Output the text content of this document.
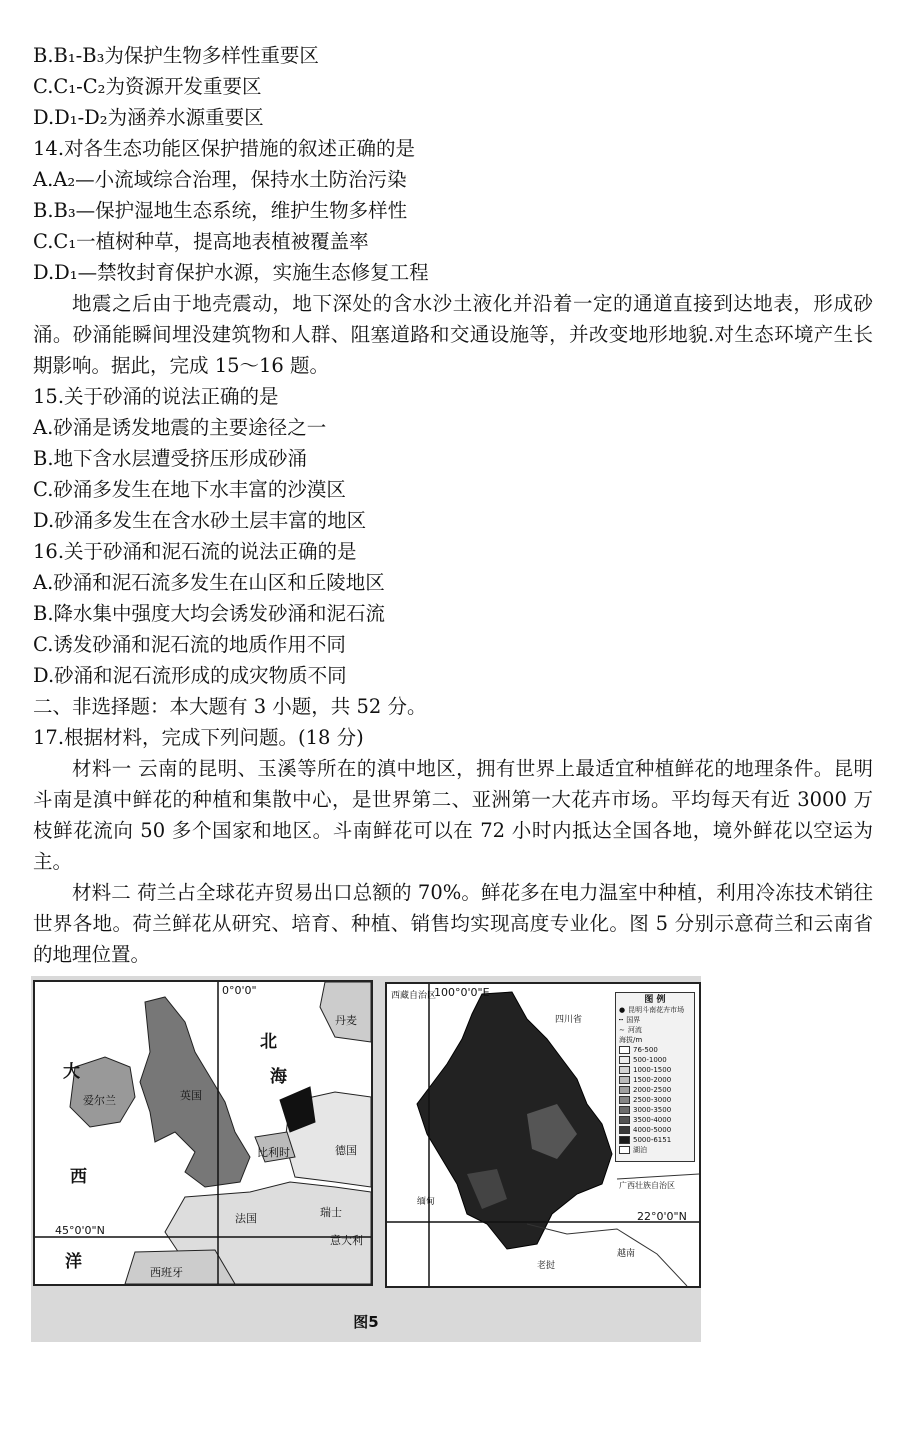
B.B₁-B₃为保护生物多样性重要区
C.C₁-C₂为资源开发重要区
D.D₁-D₂为涵养水源重要区
14.对各生态功能区保护措施的叙述正确的是
A.A₂—小流域综合治理，保持水土防治污染
B.B₃—保护湿地生态系统，维护生物多样性
C.C₁一植树种草，提高地表植被覆盖率
D.D₁—禁牧封育保护水源，实施生态修复工程
地震之后由于地壳震动，地下深处的含水沙土液化并沿着一定的通道直接到达地表，形成砂涌。砂涌能瞬间埋没建筑物和人群、阻塞道路和交通设施等，并改变地形地貌.对生态环境产生长期影响。据此，完成 15～16 题。
15.关于砂涌的说法正确的是
A.砂涌是诱发地震的主要途径之一
B.地下含水层遭受挤压形成砂涌
C.砂涌多发生在地下水丰富的沙漠区
D.砂涌多发生在含水砂土层丰富的地区
16.关于砂涌和泥石流的说法正确的是
A.砂涌和泥石流多发生在山区和丘陵地区
B.降水集中强度大均会诱发砂涌和泥石流
C.诱发砂涌和泥石流的地质作用不同
D.砂涌和泥石流形成的成灾物质不同
二、非选择题：本大题有 3 小题，共 52 分。
17.根据材料，完成下列问题。(18 分)
材料一 云南的昆明、玉溪等所在的滇中地区，拥有世界上最适宜种植鲜花的地理条件。昆明斗南是滇中鲜花的种植和集散中心，是世界第二、亚洲第一大花卉市场。平均每天有近 3000 万枝鲜花流向 50 多个国家和地区。斗南鲜花可以在 72 小时内抵达全国各地，境外鲜花以空运为主。
材料二 荷兰占全球花卉贸易出口总额的 70%。鲜花多在电力温室中种植，利用冷冻技术销往世界各地。荷兰鲜花从研究、培育、种植、销售均实现高度专业化。图 5 分别示意荷兰和云南省的地理位置。
0°0'0"
45°0'0"N
北
海
大
西
洋
爱尔兰	英国
比利时	德国
法国	瑞士
意大利
西班牙
丹麦
西藏自治区
100°0'0"E
四川省
广西壮族自治区
22°0'0"N
缅甸
老挝
越南
图 例
● 昆明斗南花卉市场
┅ 国界
∼ 河流
海拔/m
76-500
500-1000
1000-1500
1500-2000
2000-2500
2500-3000
3000-3500
3500-4000
4000-5000
5000-6151
湖泊
图5
